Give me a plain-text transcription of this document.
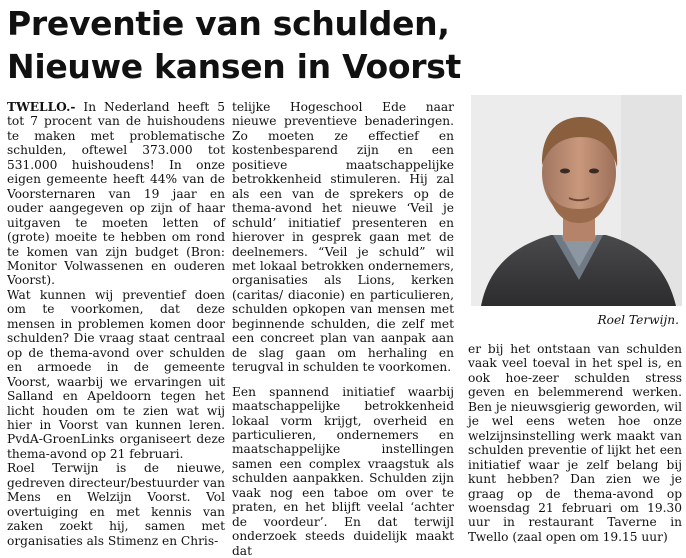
Preventie van schulden,
Nieuwe kansen in Voorst

TWELLO.- In Nederland heeft 5 tot 7 procent van de huishoudens te maken met problematische schulden, oftewel 373.000 tot 531.000 huishoudens! In onze eigen gemeente heeft 44% van de Voorsternaren van 19 jaar en ouder aangegeven op zijn of haar uitgaven te moeten letten of (grote) moeite te hebben om rond te komen van zijn budget (Bron: Monitor Volwassenen en ouderen Voorst).

Wat kunnen wij preventief doen om te voorkomen, dat deze mensen in problemen komen door schulden? Die vraag staat centraal op de thema-avond over schulden en armoede in de gemeente Voorst, waarbij we ervaringen uit Salland en Apeldoorn tegen het licht houden om te zien wat wij hier in Voorst van kunnen leren. PvdA-GroenLinks organiseert deze thema-avond op 21 februari.

Roel Terwijn is de nieuwe, gedreven directeur/bestuurder van Mens en Welzijn Voorst. Vol overtuiging en met kennis van zaken zoekt hij, samen met organisaties als Stimenz en Chris-

telijke Hogeschool Ede naar nieuwe preventieve benaderingen. Zo moeten ze effectief en kostenbesparend zijn en een positieve maatschappelijke betrokkenheid stimuleren. Hij zal als een van de sprekers op de thema-avond het nieuwe ‘Veil je schuld’ initiatief presenteren en hierover in gesprek gaan met de deelnemers. “Veil je schuld” wil met lokaal betrokken ondernemers, organisaties als Lions, kerken (caritas/ diaconie) en particulieren, schulden opkopen van mensen met beginnende schulden, die zelf met een concreet plan van aanpak aan de slag gaan om herhaling en terugval in schulden te voorkomen.

Een spannend initiatief waarbij maatschappelijke betrokkenheid lokaal vorm krijgt, overheid en particulieren, ondernemers en maatschappelijke instellingen samen een complex vraagstuk als schulden aanpakken. Schulden zijn vaak nog een taboe om over te praten, en het blijft veelal ‘achter de voordeur’. En dat terwijl onderzoek steeds duidelijk maakt dat

Roel Terwijn.

er bij het ontstaan van schulden vaak veel toeval in het spel is, en ook hoe-zeer schulden stress geven en belemmerend werken. Ben je nieuwsgierig geworden, wil je wel eens weten hoe onze welzijnsinstelling werk maakt van schulden preventie of lijkt het een initiatief waar je zelf belang bij kunt hebben? Dan zien we je graag op de thema-avond op woensdag 21 februari om 19.30 uur in restaurant Taverne in Twello (zaal open om 19.15 uur)
